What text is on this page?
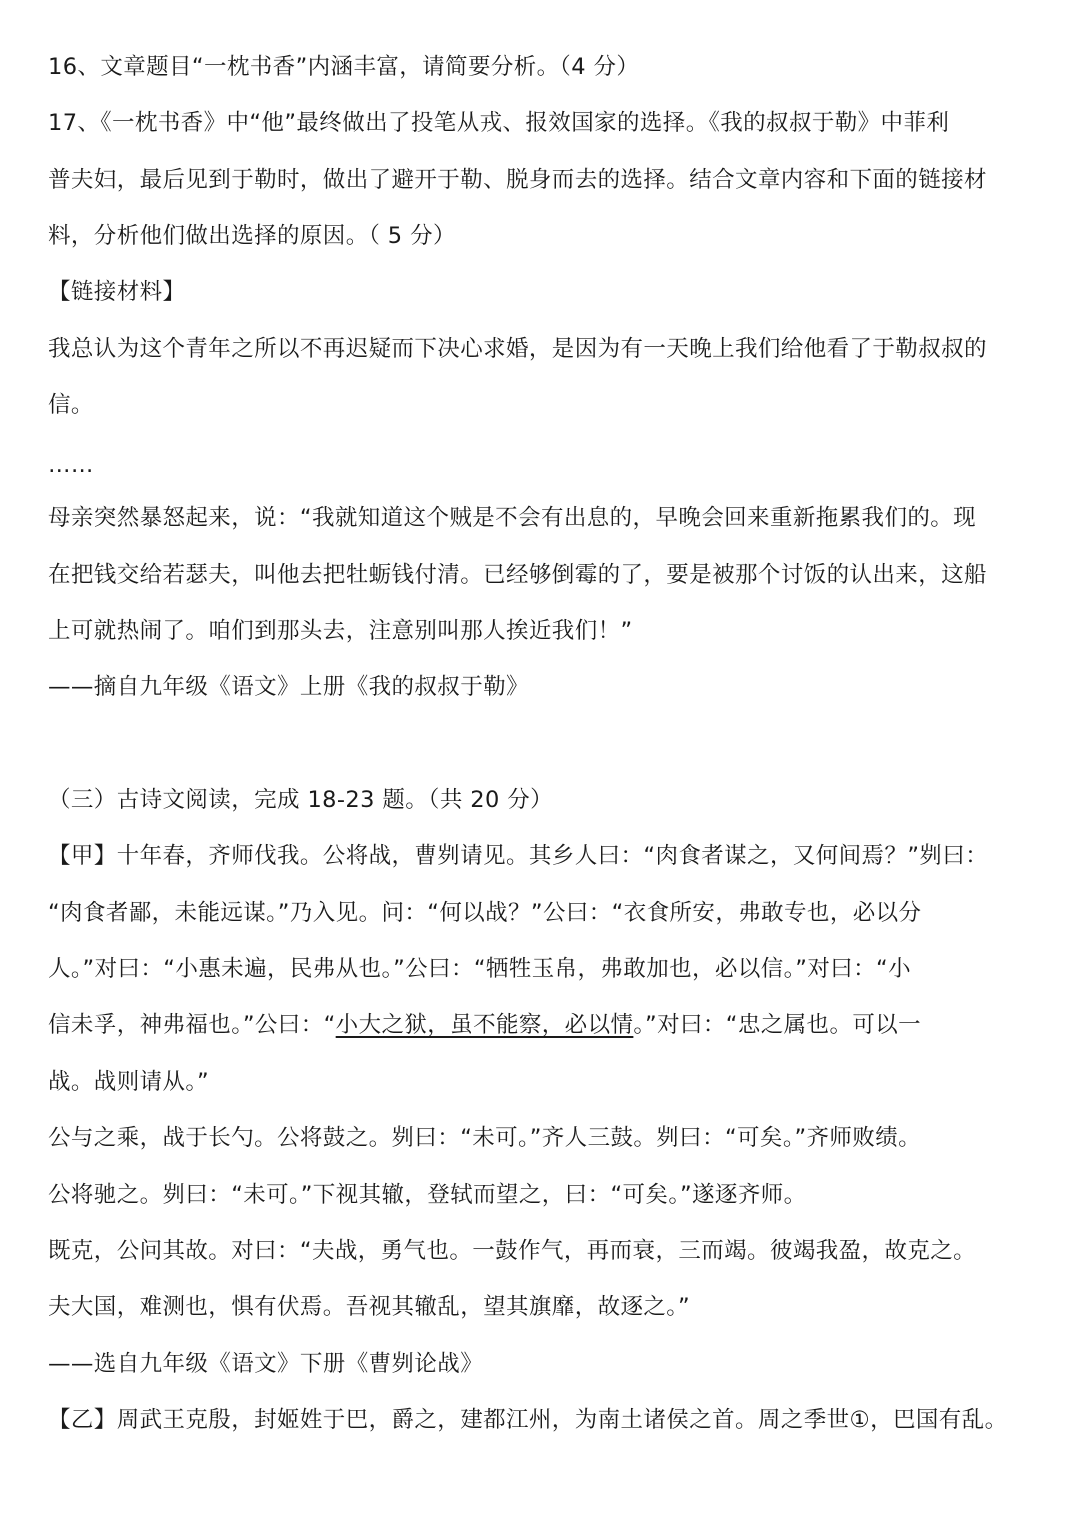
16、文章题目“一枕书香”内涵丰富，请简要分析。（4 分）
17、《一枕书香》中“他”最终做出了投笔从戎、报效国家的选择。《我的叔叔于勒》中菲利
普夫妇，最后见到于勒时，做出了避开于勒、脱身而去的选择。结合文章内容和下面的链接材
料，分析他们做出选择的原因。（ 5 分）
【链接材料】
我总认为这个青年之所以不再迟疑而下决心求婚，是因为有一天晚上我们给他看了于勒叔叔的
信。
……
母亲突然暴怒起来，说：“我就知道这个贼是不会有出息的，早晚会回来重新拖累我们的。现
在把钱交给若瑟夫，叫他去把牡蛎钱付清。已经够倒霉的了，要是被那个讨饭的认出来，这船
上可就热闹了。咱们到那头去，注意别叫那人挨近我们！”
——摘自九年级《语文》上册《我的叔叔于勒》
（三）古诗文阅读，完成 18-23 题。（共 20 分）
【甲】十年春，齐师伐我。公将战，曹刿请见。其乡人曰：“肉食者谋之，又何间焉？”刿曰：
“肉食者鄙，未能远谋。”乃入见。问：“何以战？”公曰：“衣食所安，弗敢专也，必以分
人。”对曰：“小惠未遍，民弗从也。”公曰：“牺牲玉帛，弗敢加也，必以信。”对曰：“小
信未孚，神弗福也。”公曰：“小大之狱，虽不能察，必以情。”对曰：“忠之属也。可以一
战。战则请从。”
公与之乘，战于长勺。公将鼓之。刿曰：“未可。”齐人三鼓。刿曰：“可矣。”齐师败绩。
公将驰之。刿曰：“未可。”下视其辙，登轼而望之，曰：“可矣。”遂逐齐师。
既克，公问其故。对曰：“夫战，勇气也。一鼓作气，再而衰，三而竭。彼竭我盈，故克之。
夫大国，难测也，惧有伏焉。吾视其辙乱，望其旗靡，故逐之。”
——选自九年级《语文》下册《曹刿论战》
【乙】周武王克殷，封姬姓于巴，爵之，建都江州，为南土诸侯之首。周之季世①，巴国有乱。
